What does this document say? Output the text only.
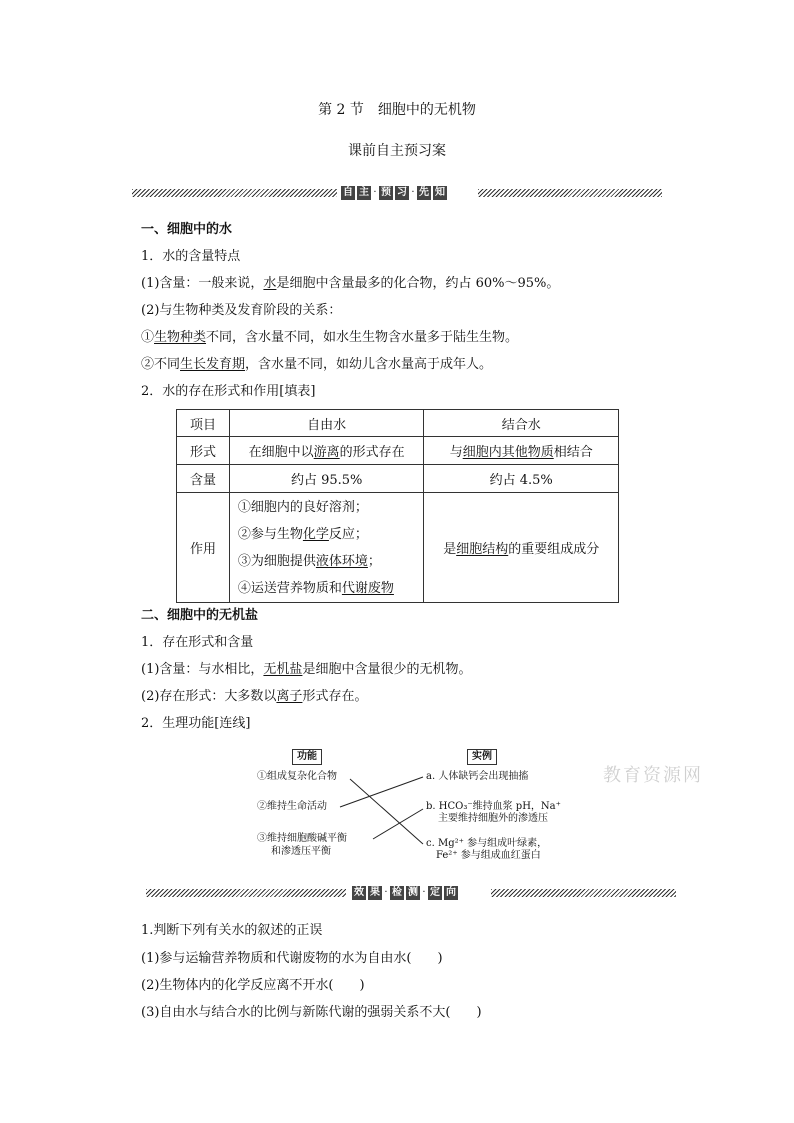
第 2 节　细胞中的无机物
课前自主预习案
自 主 · 预 习 · 先 知
一、细胞中的水
1．水的含量特点
(1)含量：一般来说，水是细胞中含量最多的化合物，约占 60%～95%。
(2)与生物种类及发育阶段的关系：
①生物种类不同，含水量不同，如水生生物含水量多于陆生生物。
②不同生长发育期，含水量不同，如幼儿含水量高于成年人。
2．水的存在形式和作用[填表]
项目	自由水	结合水
形式	在细胞中以游离的形式存在	与细胞内其他物质相结合
含量	约占 95.5%	约占 4.5%
作用	①细胞内的良好溶剂；
②参与生物化学反应；
③为细胞提供液体环境；
④运送营养物质和代谢废物	是细胞结构的重要组成成分
二、细胞中的无机盐
1．存在形式和含量
(1)含量：与水相比，无机盐是细胞中含量很少的无机物。
(2)存在形式：大多数以离子形式存在。
2．生理功能[连线]
功能	实例
①组成复杂化合物
②维持生命活动
③维持细胞酸碱平衡
和渗透压平衡
a. 人体缺钙会出现抽搐
b. HCO₃⁻维持血浆 pH，Na⁺
主要维持细胞外的渗透压
c. Mg²⁺ 参与组成叶绿素，
Fe²⁺ 参与组成血红蛋白
教育资源网
效 果 · 检 测 · 定 向
1.判断下列有关水的叙述的正误
(1)参与运输营养物质和代谢废物的水为自由水(　　)
(2)生物体内的化学反应离不开水(　　)
(3)自由水与结合水的比例与新陈代谢的强弱关系不大(　　)
